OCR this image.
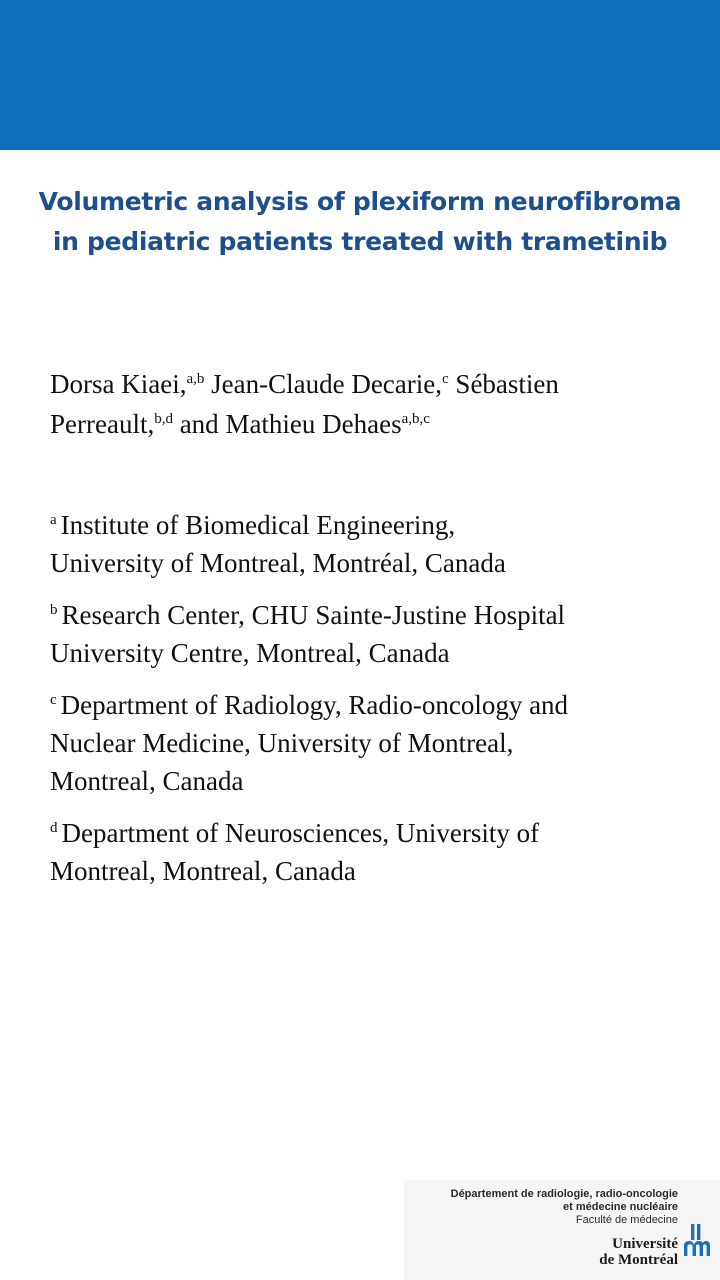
Volumetric analysis of plexiform neurofibroma
in pediatric patients treated with trametinib
Dorsa Kiaei,$^{a,b}$ Jean-Claude Decarie,$^c$ Sébastien
Perreault,$^{b,d}$ and Mathieu Dehaes$^{a,b,c}$
$^a$ Institute of Biomedical Engineering,
University of Montreal, Montréal, Canada
$^b$ Research Center, CHU Sainte-Justine Hospital
University Centre, Montreal, Canada
$^c$ Department of Radiology, Radio-oncology and
Nuclear Medicine, University of Montreal,
Montreal, Canada
$^d$ Department of Neurosciences, University of
Montreal, Montreal, Canada
Département de radiologie, radio-oncologie
et médecine nucléaire
Faculté de médecine
Université
de Montréal
